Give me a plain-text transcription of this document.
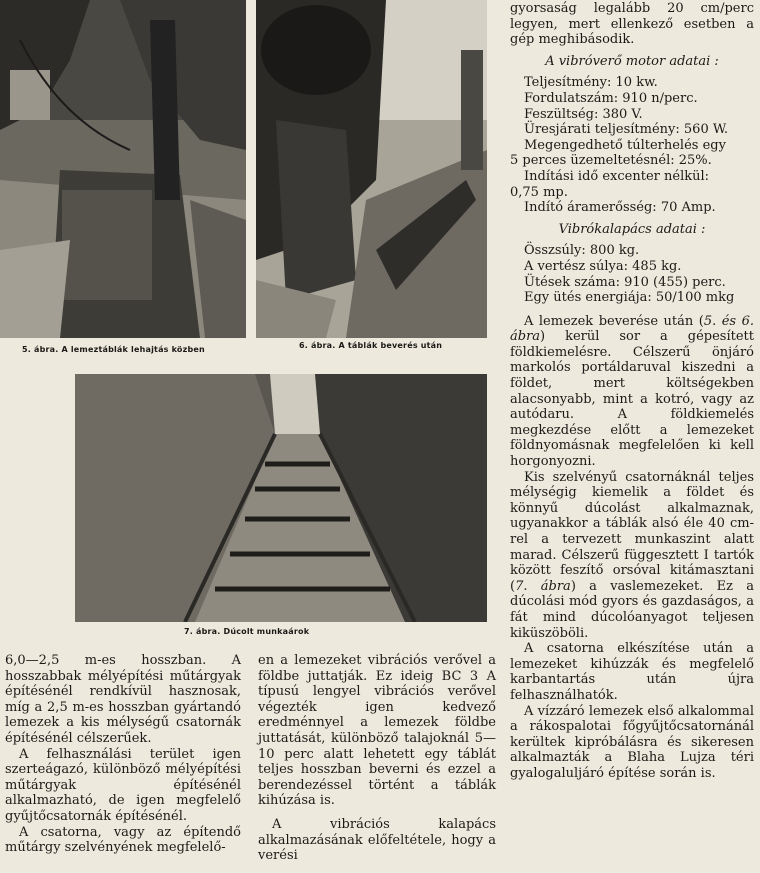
5. ábra. A lemeztáblák lehajtás közben	6. ábra. A táblák beverés után
7. ábra. Dúcolt munkaárok

6,0—2,5 m-es hosszban. A hosszabbak mélyépítési műtárgyak építésénél rendkívül hasznosak, míg a 2,5 m-es hosszban gyártandó lemezek a kis mélységű csatornák építésénél célszerűek.

A felhasználási terület igen szerteágazó, különböző mélyépítési műtárgyak építésénél alkalmazható, de igen megfelelő gyűjtőcsatornák építésénél.

A csatorna, vagy az építendő műtárgy szelvényének megfelelő-

en a lemezeket vibrációs verővel a földbe juttatják. Ez ideig BC 3 A típusú lengyel vibrációs verővel végezték igen kedvező eredménnyel a lemezek földbe juttatását, különböző talajoknál 5—10 perc alatt lehetett egy táblát teljes hosszban beverni és ezzel a berendezéssel történt a táblák kihúzása is.

A vibrációs kalapács alkalmazásának előfeltétele, hogy a verési

gyorsaság legalább 20 cm/perc legyen, mert ellenkező esetben a gép meghibásodik.

A vibróverő motor adatai :
Teljesítmény: 10 kw.
Fordulatszám: 910 n/perc.
Feszültség: 380 V.
Üresjárati teljesítmény: 560 W.
Megengedhető túlterhelés egy
5 perces üzemeltetésnél: 25%.
Indítási idő excenter nélkül:
0,75 mp.
Indító áramerősség: 70 Amp.
Vibrókalapács adatai :
Összsúly: 800 kg.
A vertész súlya: 485 kg.
Ütések száma: 910 (455) perc.
Egy ütés energiája: 50/100 mkg

A lemezek beverése után (5. és 6. ábra) kerül sor a gépesített földkiemelésre. Célszerű önjáró markolós portáldaruval kiszedni a földet, mert költségekben alacsonyabb, mint a kotró, vagy az autódaru. A földkiemelés megkezdése előtt a lemezeket földnyomásnak megfelelően ki kell horgonyozni.

Kis szelvényű csatornáknál teljes mélységig kiemelik a földet és könnyű dúcolást alkalmaznak, ugyanakkor a táblák alsó éle 40 cm-rel a tervezett munkaszint alatt marad. Célszerű függesztett I tartók között feszítő orsóval kitámasztani (7. ábra) a vaslemezeket. Ez a dúcolási mód gyors és gazdaságos, a fát mind dúcolóanyagot teljesen kiküszöböli.

A csatorna elkészítése után a lemezeket kihúzzák és megfelelő karbantartás után újra felhasználhatók.

A vízzáró lemezek első alkalommal a rákospalotai főgyűjtőcsatornánál kerültek kipróbálásra és sikeresen alkalmazták a Blaha Lujza téri gyalogaluljáró építése során is.
